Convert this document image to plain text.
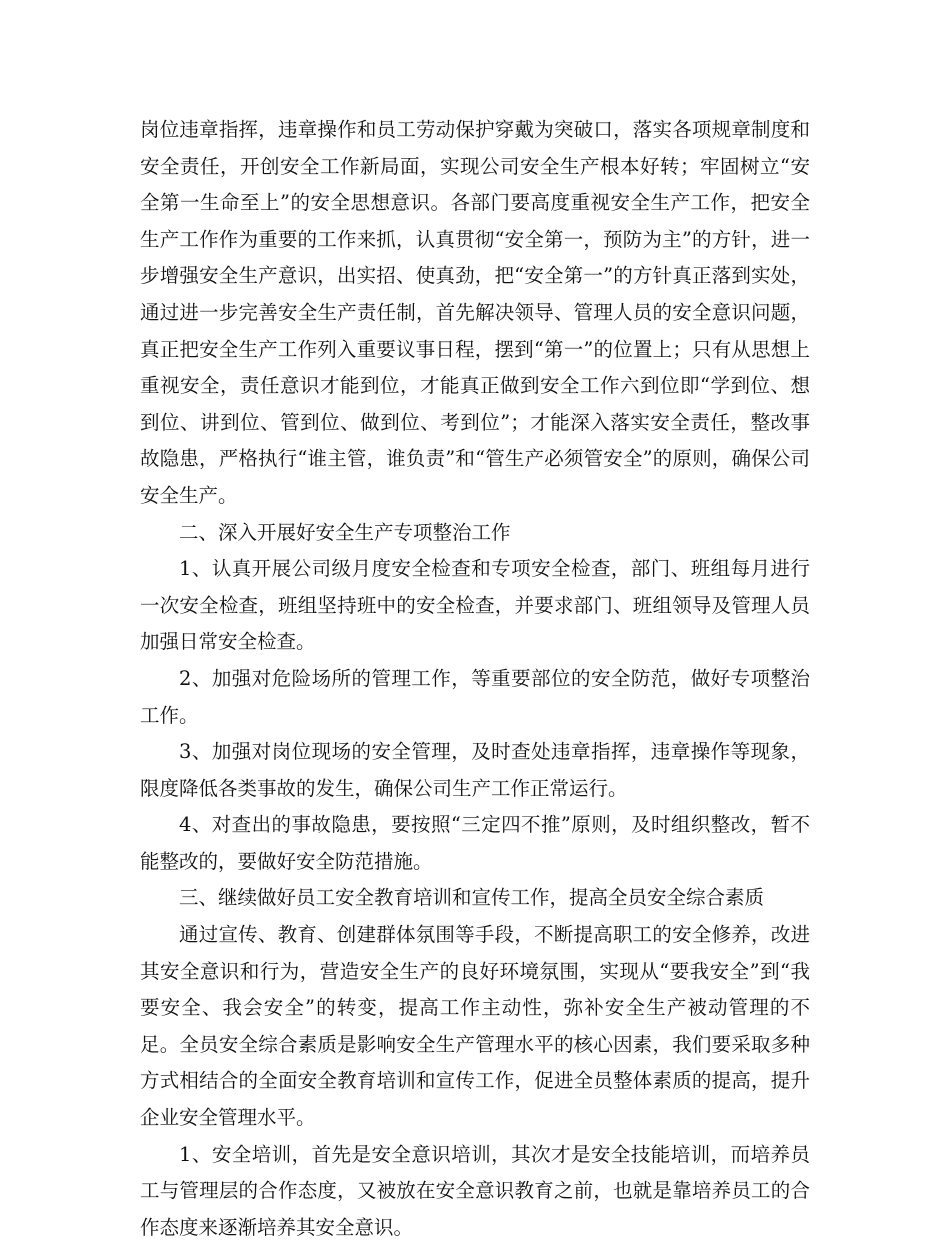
岗位违章指挥，违章操作和员工劳动保护穿戴为突破口，落实各项规章制度和安全责任，开创安全工作新局面，实现公司安全生产根本好转；牢固树立“安全第一生命至上”的安全思想意识。各部门要高度重视安全生产工作，把安全生产工作作为重要的工作来抓，认真贯彻“安全第一，预防为主”的方针，进一步增强安全生产意识，出实招、使真劲，把“安全第一”的方针真正落到实处，通过进一步完善安全生产责任制，首先解决领导、管理人员的安全意识问题，真正把安全生产工作列入重要议事日程，摆到“第一”的位置上；只有从思想上重视安全，责任意识才能到位，才能真正做到安全工作六到位即“学到位、想到位、讲到位、管到位、做到位、考到位”；才能深入落实安全责任，整改事故隐患，严格执行“谁主管，谁负责”和“管生产必须管安全”的原则，确保公司安全生产。

二、深入开展好安全生产专项整治工作

1、认真开展公司级月度安全检查和专项安全检查，部门、班组每月进行一次安全检查，班组坚持班中的安全检查，并要求部门、班组领导及管理人员加强日常安全检查。

2、加强对危险场所的管理工作，等重要部位的安全防范，做好专项整治工作。

3、加强对岗位现场的安全管理，及时查处违章指挥，违章操作等现象，限度降低各类事故的发生，确保公司生产工作正常运行。

4、对查出的事故隐患，要按照“三定四不推”原则，及时组织整改，暂不能整改的，要做好安全防范措施。

三、继续做好员工安全教育培训和宣传工作，提高全员安全综合素质

通过宣传、教育、创建群体氛围等手段，不断提高职工的安全修养，改进其安全意识和行为，营造安全生产的良好环境氛围，实现从“要我安全”到“我要安全、我会安全”的转变，提高工作主动性，弥补安全生产被动管理的不足。全员安全综合素质是影响安全生产管理水平的核心因素，我们要采取多种方式相结合的全面安全教育培训和宣传工作，促进全员整体素质的提高，提升企业安全管理水平。

1、安全培训，首先是安全意识培训，其次才是安全技能培训，而培养员工与管理层的合作态度，又被放在安全意识教育之前，也就是靠培养员工的合作态度来逐渐培养其安全意识。
